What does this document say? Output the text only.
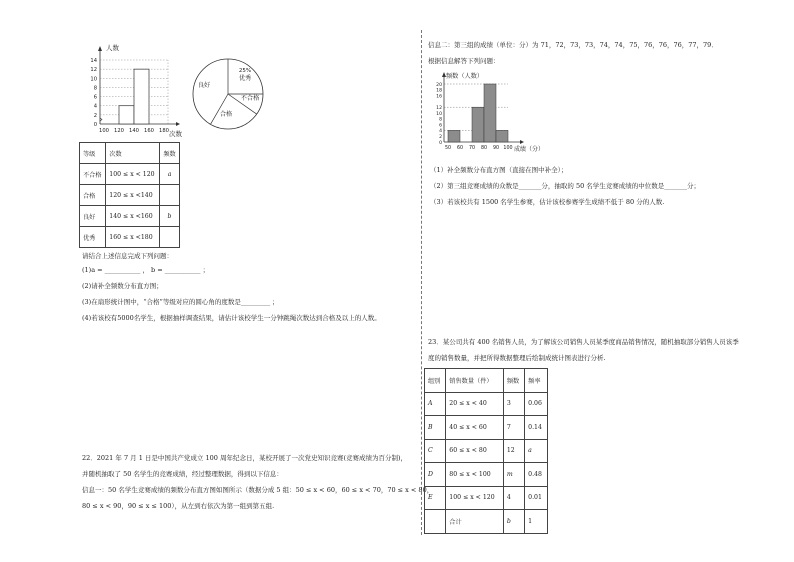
人数
14
12
10
8
6
4
2
0
100 120 140 160 180 次数
良好
25%
优秀
不合格
合格
等级	次数	频数
不合格	100 ≤ x < 120	a
合格	120 ≤ x <140	
良好	140 ≤ x <160	b
优秀	160 ≤ x <180	
请结合上述信息完成下列问题：
(1)a = ___________ ， b = ___________ ；
(2)请补全频数分布直方图；
(3)在扇形统计图中，“合格”等级对应的圆心角的度数是_________ ；
(4)若该校有5000名学生，根据抽样调查结果，请估计该校学生一分钟跳绳次数达到合格及以上的人数。
22．2021 年 7 月 1 日是中国共产党成立 100 周年纪念日，某校开展了一次党史知识竞赛(竞赛成绩为百分制)，
并随机抽取了 50 名学生的竞赛成绩，经过整理数据，得到以下信息：
信息一：50 名学生竞赛成绩的频数分布直方图如图所示（数据分成 5 组：50 ≤ x < 60，60 ≤ x < 70，70 ≤ x < 80，
80 ≤ x < 90，90 ≤ x ≤ 100），从左到右依次为第一组到第五组.
信息二：第三组的成绩（单位：分）为 71，72，73，73，74，74，75，76，76，76，77，79．
根据信息解答下列问题：
频数（人数）
20
18
16
12
10
8
6
4
2
0
50 60 70 80 90 100 成绩（分）
（1）补全频数分布直方图（直接在图中补全）；
（2）第三组竞赛成绩的众数是_______分，抽取的 50 名学生竞赛成绩的中位数是_______分；
（3）若该校共有 1500 名学生参赛，估计该校参赛学生成绩不低于 80 分的人数.
23．某公司共有 400 名销售人员，为了解该公司销售人员某季度商品销售情况，随机抽取部分销售人员该季
度的销售数量，并把所得数据整理后绘制成统计图表进行分析.
组别	销售数量（件）	频数	频率
A	20 ≤ x < 40	3	0.06
B	40 ≤ x < 60	7	0.14
C	60 ≤ x < 80	12	a
D	80 ≤ x < 100	m	0.48
E	100 ≤ x < 120	4	0.01
	合计	b	1
